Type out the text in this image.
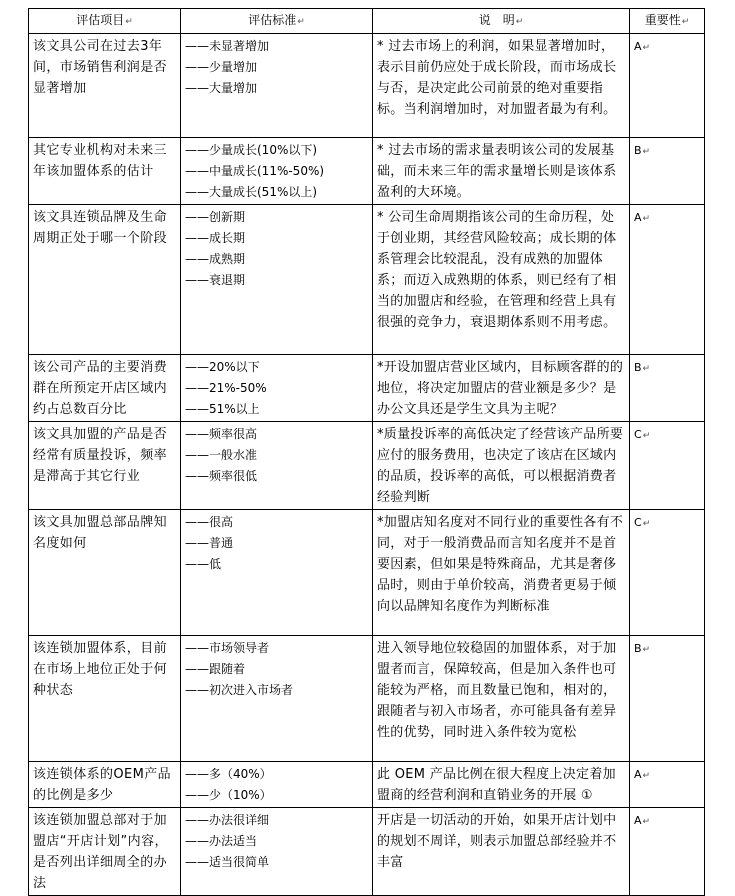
评估项目↵	评估标准↵	说　明↵	重要性↵
该文具公司在过去3年间，市场销售利润是否显著增加	——未显著增加
——少量增加
——大量增加	* 过去市场上的利润，如果显著增加时，表示目前仍应处于成长阶段，而市场成长与否，是决定此公司前景的绝对重要指标。当利润增加时，对加盟者最为有利。	A↵
其它专业机构对未来三年该加盟体系的估计	——少量成长(10%以下)
——中量成长(11%-50%)
——大量成长(51%以上)	* 过去市场的需求量表明该公司的发展基础，而未来三年的需求量增长则是该体系盈利的大环境。	B↵
该文具连锁品牌及生命周期正处于哪一个阶段	——创新期
——成长期
——成熟期
——衰退期	* 公司生命周期指该公司的生命历程，处于创业期，其经营风险较高；成长期的体系管理会比较混乱，没有成熟的加盟体系；而迈入成熟期的体系，则已经有了相当的加盟店和经验，在管理和经营上具有很强的竞争力，衰退期体系则不用考虑。	A↵
该公司产品的主要消费群在所预定开店区域内约占总数百分比	——20%以下
——21%-50%
——51%以上	*开设加盟店营业区域内，目标顾客群的的地位，将决定加盟店的营业额是多少？是办公文具还是学生文具为主呢？	B↵
该文具加盟的产品是否经常有质量投诉，频率是滞高于其它行业	——频率很高
——一般水准
——频率很低	*质量投诉率的高低决定了经营该产品所要应付的服务费用，也决定了该店在区域内的品质，投诉率的高低，可以根据消费者经验判断	C↵
该文具加盟总部品牌知名度如何	——很高
——普通
——低	*加盟店知名度对不同行业的重要性各有不同，对于一般消费品而言知名度并不是首要因素，但如果是特殊商品，尤其是奢侈品时，则由于单价较高，消费者更易于倾向以品牌知名度作为判断标准	C↵
该连锁加盟体系，目前在市场上地位正处于何种状态	——市场领导者
——跟随着
——初次进入市场者	进入领导地位较稳固的加盟体系，对于加盟者而言，保障较高，但是加入条件也可能较为严格，而且数量已饱和，相对的，跟随者与初入市场者，亦可能具备有差异性的优势，同时进入条件较为宽松	B↵
该连锁体系的OEM产品的比例是多少	——多（40%）
——少（10%）	此 OEM 产品比例在很大程度上决定着加盟商的经营利润和直销业务的开展 ①	A↵
该连锁加盟总部对于加盟店“开店计划”内容，是否列出详细周全的办法	——办法很详细
——办法适当
——适当很简单	开店是一切活动的开始，如果开店计划中的规划不周详，则表示加盟总部经验并不丰富	A↵
